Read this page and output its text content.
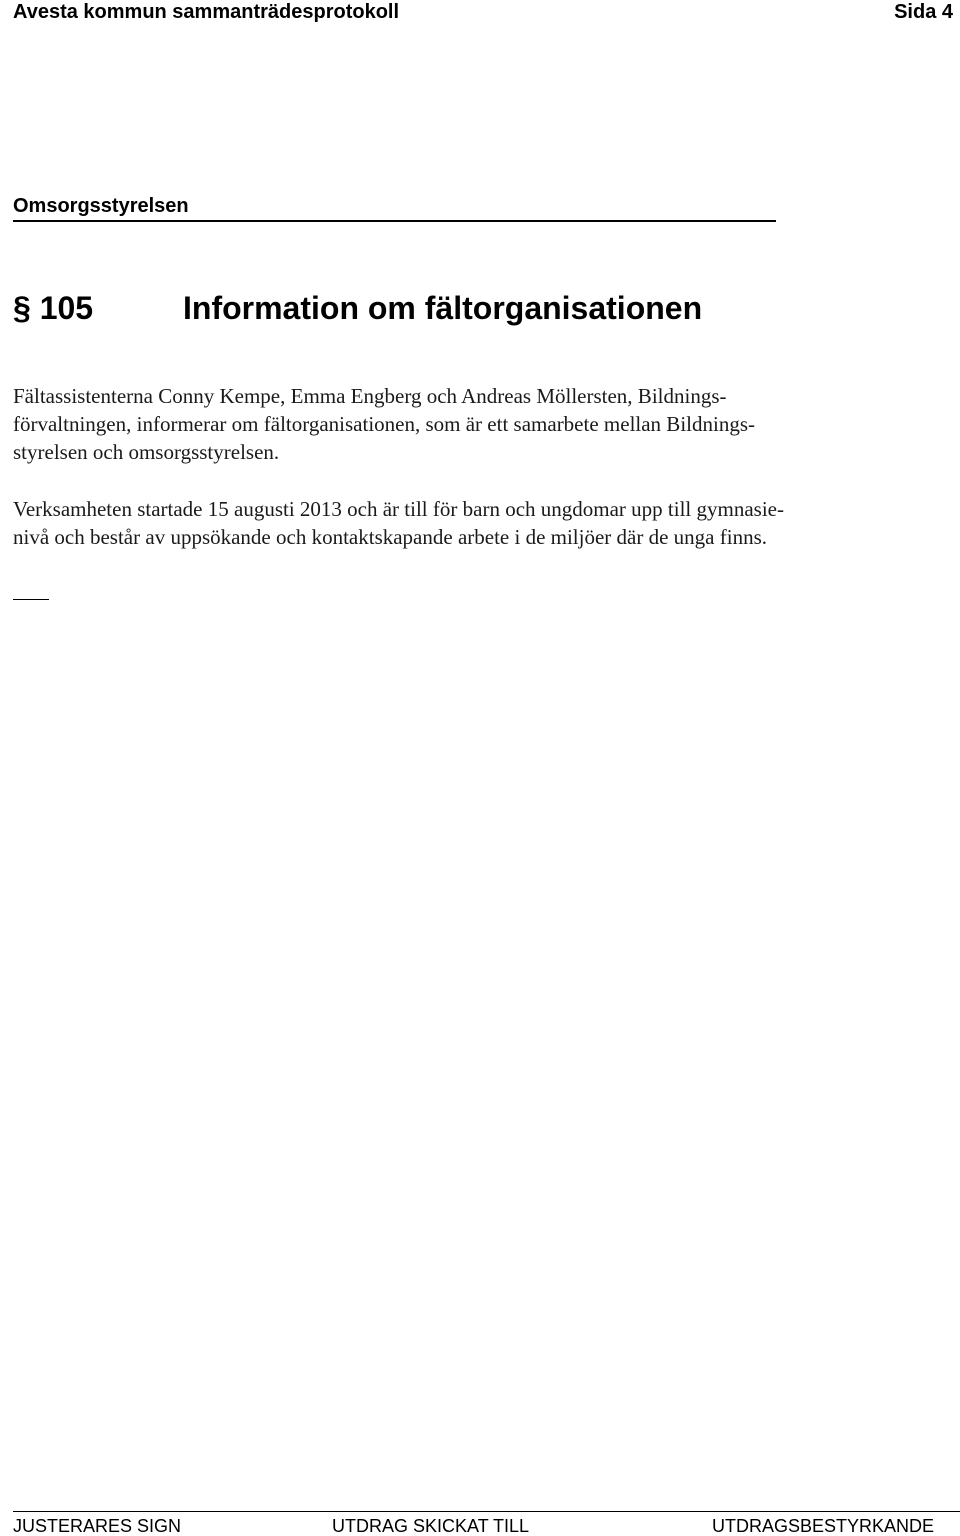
Avesta kommun sammanträdesprotokoll	Sida 4
Omsorgsstyrelsen
§ 105	Information om fältorganisationen
Fältassistenterna Conny Kempe, Emma Engberg och Andreas Möllersten, Bildnings-
förvaltningen, informerar om fältorganisationen, som är ett samarbete mellan Bildnings-
styrelsen och omsorgsstyrelsen.
Verksamheten startade 15 augusti 2013 och är till för barn och ungdomar upp till gymnasie-
nivå och består av uppsökande och kontaktskapande arbete i de miljöer där de unga finns.
JUSTERARES SIGN	UTDRAG SKICKAT TILL	UTDRAGSBESTYRKANDE
